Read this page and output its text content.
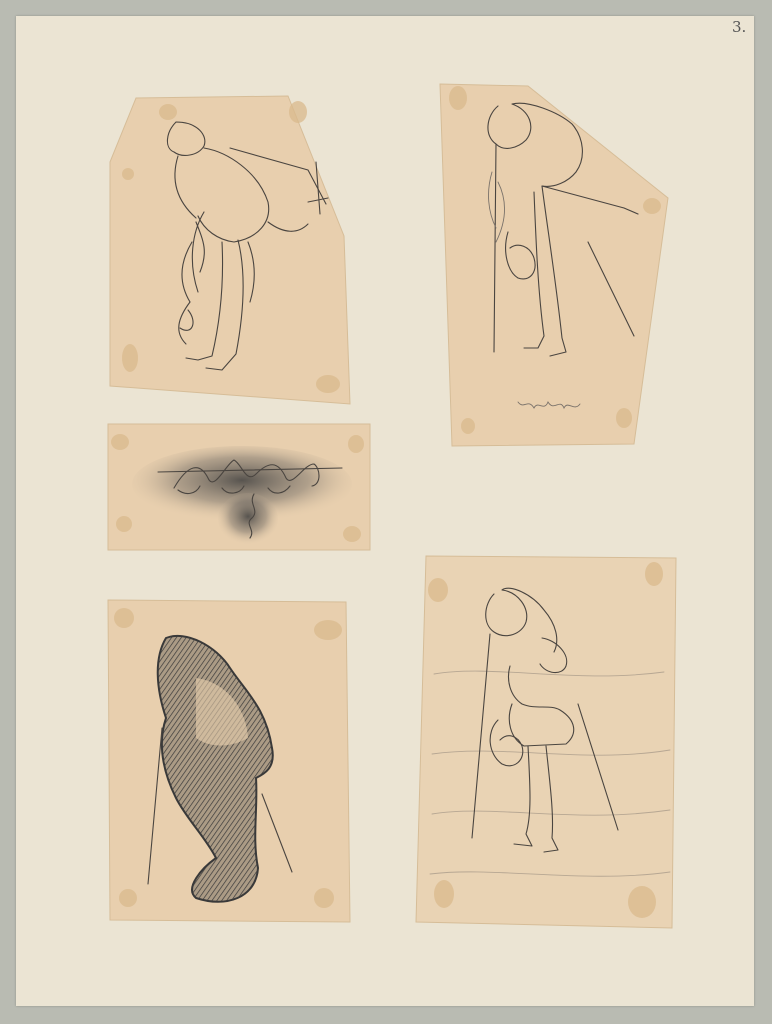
3.
